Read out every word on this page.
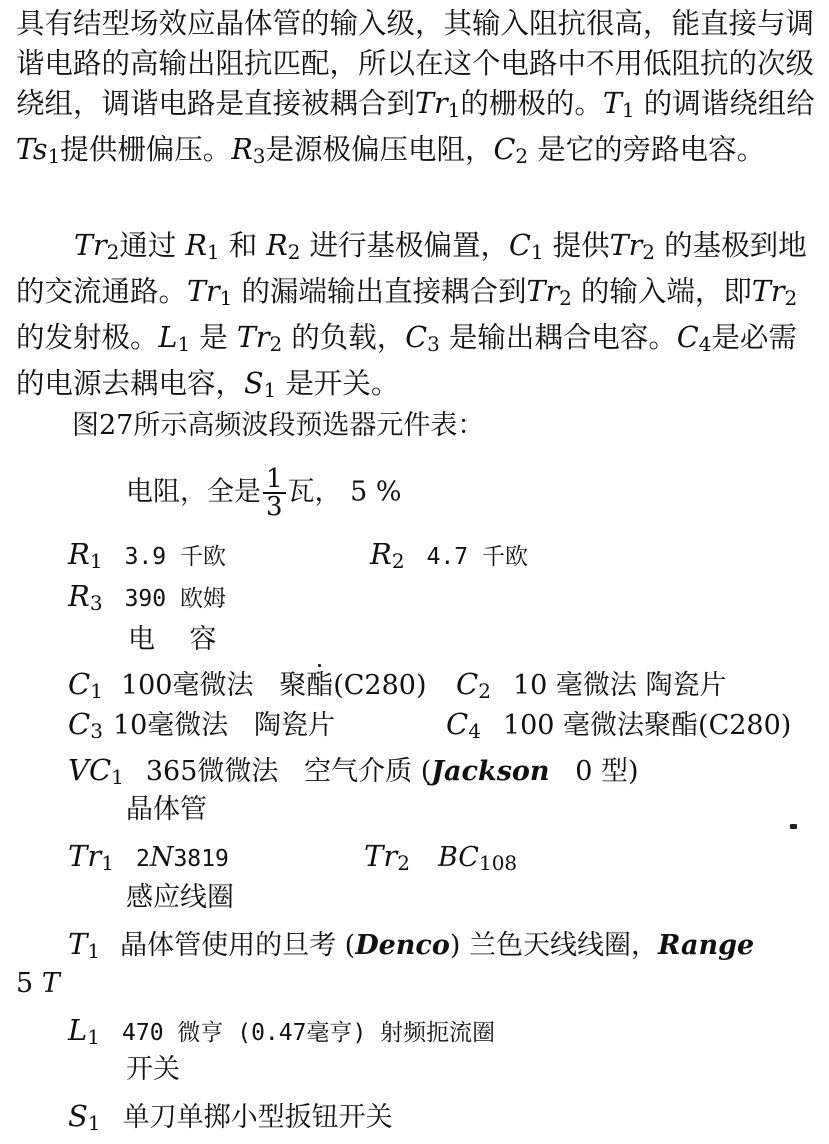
具有结型场效应晶体管的输入级，其输入阻抗很高，能直接与调谐电路的高输出阻抗匹配，所以在这个电路中不用低阻抗的次级绕组，调谐电路是直接被耦合到$Tr_1$的栅极的。$T_1$ 的调谐绕组给$Ts_1$提供栅偏压。$R_3$是源极偏压电阻，$C_2$ 是它的旁路电容。
$Tr_2$通过 $R_1$ 和 $R_2$ 进行基极偏置，$C_1$ 提供$Tr_2$ 的基极到地的交流通路。$Tr_1$ 的漏端输出直接耦合到$Tr_2$ 的输入端，即$Tr_2$的发射极。$L_1$ 是 $Tr_2$ 的负载，$C_3$ 是输出耦合电容。$C_4$是必需的电源去耦电容，$S_1$ 是开关。
图27所示高频波段预选器元件表：
电阻，全是 $\frac{1}{3}$ 瓦， 5 %
$R_1$ 3.9 千欧	$R_2$ 4.7 千欧
$R_3$ 390 欧姆
电    容
$C_1$ 100毫微法   聚酯(C280) $C_2$ 10 毫微法 陶瓷片
$C_3$ 10毫微法   陶瓷片	$C_4$ 100 毫微法聚酯(C280)
$VC_1$ 365微微法   空气介质 (Jackson   0 型)
晶体管
$Tr_1$ 2N3819	$Tr_2$ $BC_{108}$
感应线圈
$T_1$ 晶体管使用的旦考 (Denco) 兰色天线线圈，Range
5 T
$L_1$ 470 微亨 (0.47毫亨) 射频扼流圈
开关
$S_1$ 单刀单掷小型扳钮开关
